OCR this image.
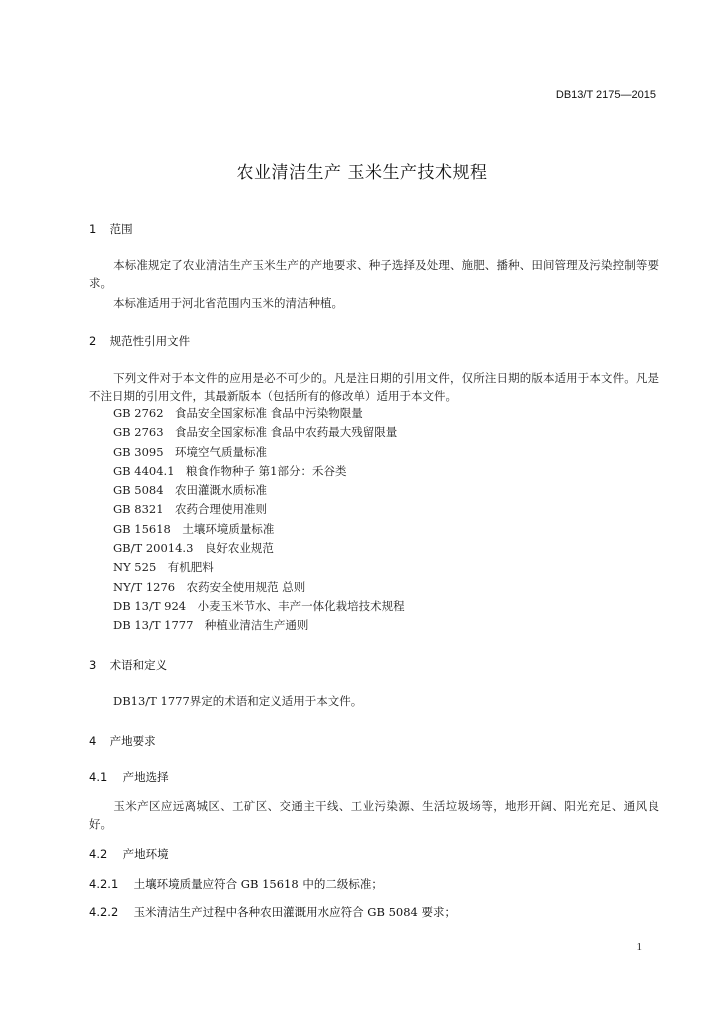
DB13/T 2175—2015
农业清洁生产 玉米生产技术规程
1 范围
本标准规定了农业清洁生产玉米生产的产地要求、种子选择及处理、施肥、播种、田间管理及污染控制等要求。
本标准适用于河北省范围内玉米的清洁种植。
2 规范性引用文件
下列文件对于本文件的应用是必不可少的。凡是注日期的引用文件，仅所注日期的版本适用于本文件。凡是不注日期的引用文件，其最新版本（包括所有的修改单）适用于本文件。
GB 2762　食品安全国家标准 食品中污染物限量
GB 2763　食品安全国家标准 食品中农药最大残留限量
GB 3095　环境空气质量标准
GB 4404.1　粮食作物种子 第1部分：禾谷类
GB 5084　农田灌溉水质标准
GB 8321　农药合理使用准则
GB 15618　土壤环境质量标准
GB/T 20014.3　良好农业规范
NY 525　有机肥料
NY/T 1276　农药安全使用规范 总则
DB 13/T 924　小麦玉米节水、丰产一体化栽培技术规程
DB 13/T 1777　种植业清洁生产通则
3 术语和定义
DB13/T 1777界定的术语和定义适用于本文件。
4 产地要求
4.1 产地选择
玉米产区应远离城区、工矿区、交通主干线、工业污染源、生活垃圾场等，地形开阔、阳光充足、通风良好。
4.2 产地环境
4.2.1 土壤环境质量应符合 GB 15618 中的二级标准；
4.2.2 玉米清洁生产过程中各种农田灌溉用水应符合 GB 5084 要求；
1
